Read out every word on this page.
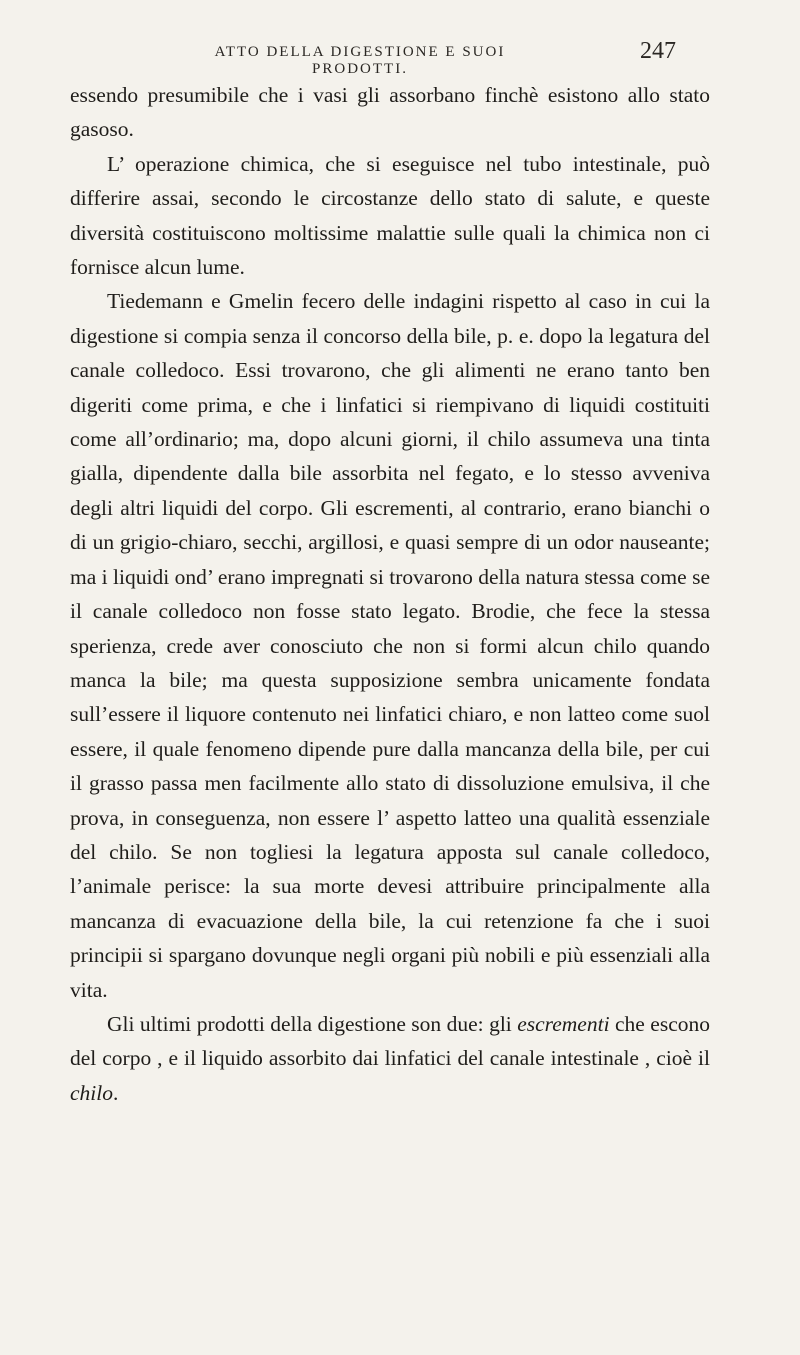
ATTO DELLA DIGESTIONE E SUOI PRODOTTI.
247

essendo presumibile che i vasi gli assorbano finchè esistono allo stato gasoso.

L’ operazione chimica, che si eseguisce nel tubo intestinale, può differire assai, secondo le circostanze dello stato di salute, e queste diversità costituiscono moltissime malattie sulle quali la chimica non ci fornisce alcun lume.

Tiedemann e Gmelin fecero delle indagini rispetto al caso in cui la digestione si compia senza il concorso della bile, p. e. dopo la legatura del canale colledoco. Essi trovarono, che gli alimenti ne erano tanto ben digeriti come prima, e che i linfatici si riempivano di liquidi costituiti come all’ordinario; ma, dopo alcuni giorni, il chilo assumeva una tinta gialla, dipendente dalla bile assorbita nel fegato, e lo stesso avveniva degli altri liquidi del corpo. Gli escrementi, al contrario, erano bianchi o di un grigio-chiaro, secchi, argillosi, e quasi sempre di un odor nauseante; ma i liquidi ond’ erano impregnati si trovarono della natura stessa come se il canale colledoco non fosse stato legato. Brodie, che fece la stessa sperienza, crede aver conosciuto che non si formi alcun chilo quando manca la bile; ma questa supposizione sembra unicamente fondata sull’essere il liquore contenuto nei linfatici chiaro, e non latteo come suol essere, il quale fenomeno dipende pure dalla mancanza della bile, per cui il grasso passa men facilmente allo stato di dissoluzione emulsiva, il che prova, in conseguenza, non essere l’ aspetto latteo una qualità essenziale del chilo. Se non togliesi la legatura apposta sul canale colledoco, l’animale perisce: la sua morte devesi attribuire principalmente alla mancanza di evacuazione della bile, la cui retenzione fa che i suoi principii si spargano dovunque negli organi più nobili e più essenziali alla vita.

Gli ultimi prodotti della digestione son due: gli escrementi che escono del corpo , e il liquido assorbito dai linfatici del canale intestinale , cioè il chilo.
